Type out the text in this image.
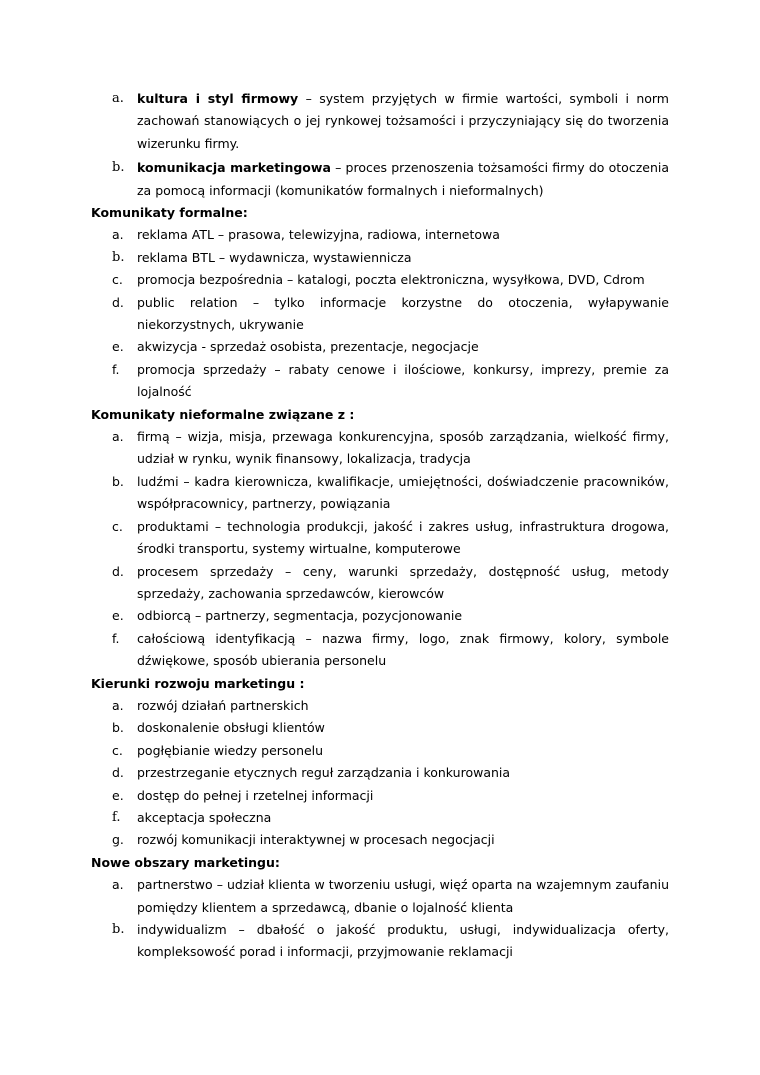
a.	kultura i styl firmowy – system przyjętych w firmie wartości, symboli i norm zachowań stanowiących o jej rynkowej tożsamości i przyczyniający się do tworzenia wizerunku firmy.
b.	komunikacja marketingowa – proces przenoszenia tożsamości firmy do otoczenia za pomocą informacji (komunikatów formalnych i nieformalnych)
Komunikaty formalne:
a.	reklama ATL – prasowa, telewizyjna, radiowa, internetowa
b.	reklama BTL – wydawnicza, wystawiennicza
c.	promocja bezpośrednia – katalogi, poczta elektroniczna, wysyłkowa, DVD, Cdrom
d.	public relation – tylko informacje korzystne do otoczenia, wyłapywanie niekorzystnych, ukrywanie
e.	akwizycja - sprzedaż osobista, prezentacje, negocjacje
f.	promocja sprzedaży – rabaty cenowe i ilościowe, konkursy, imprezy, premie za lojalność
Komunikaty nieformalne związane z :
a.	firmą – wizja, misja, przewaga konkurencyjna, sposób zarządzania, wielkość firmy, udział w rynku, wynik finansowy, lokalizacja, tradycja
b.	ludźmi – kadra kierownicza, kwalifikacje, umiejętności, doświadczenie pracowników, współpracownicy, partnerzy, powiązania
c.	produktami – technologia produkcji, jakość i zakres usług, infrastruktura drogowa, środki transportu, systemy wirtualne, komputerowe
d.	procesem sprzedaży – ceny, warunki sprzedaży, dostępność usług, metody sprzedaży, zachowania sprzedawców, kierowców
e.	odbiorcą – partnerzy, segmentacja, pozycjonowanie
f.	całościową identyfikacją – nazwa firmy, logo, znak firmowy, kolory, symbole dźwiękowe, sposób ubierania personelu
Kierunki rozwoju marketingu :
a.	rozwój działań partnerskich
b.	doskonalenie obsługi klientów
c.	pogłębianie wiedzy personelu
d.	przestrzeganie etycznych reguł zarządzania i konkurowania
e.	dostęp do pełnej i rzetelnej informacji
f.	akceptacja społeczna
g.	rozwój komunikacji interaktywnej w procesach negocjacji
Nowe obszary marketingu:
a.	partnerstwo – udział klienta w tworzeniu usługi, więź oparta na wzajemnym zaufaniu pomiędzy klientem a sprzedawcą, dbanie o lojalność klienta
b.	indywidualizm – dbałość o jakość produktu, usługi, indywidualizacja oferty, kompleksowość porad i informacji, przyjmowanie reklamacji
